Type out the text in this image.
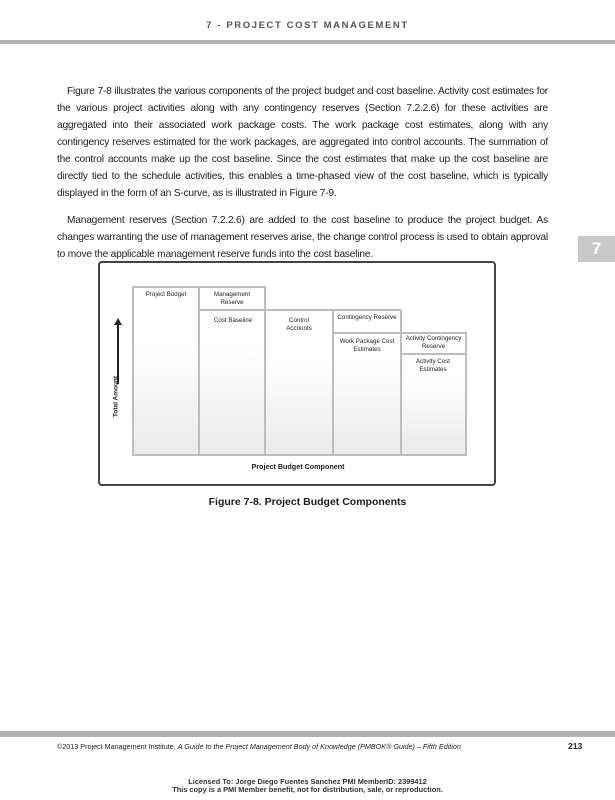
7 - PROJECT COST MANAGEMENT

Figure 7-8 illustrates the various components of the project budget and cost baseline. Activity cost estimates for the various project activities along with any contingency reserves (Section 7.2.2.6) for these activities are aggregated into their associated work package costs. The work package cost estimates, along with any contingency reserves estimated for the work packages, are aggregated into control accounts. The summation of the control accounts make up the cost baseline. Since the cost estimates that make up the cost baseline are directly tied to the schedule activities, this enables a time-phased view of the cost baseline, which is typically displayed in the form of an S-curve, as is illustrated in Figure 7-9.

Management reserves (Section 7.2.2.6) are added to the cost baseline to produce the project budget. As changes warranting the use of management reserves arise, the change control process is used to obtain approval to move the applicable management reserve funds into the cost baseline.	7
Project Budget	Management Reserve
Cost Baseline	Control Accounts
Contingency Reserve
Work Package Cost Estimates
Activity Contingency Reserve
Activity Cost Estimates
Total Amount
Project Budget Component
Figure 7-8. Project Budget Components
©2013 Project Management Institute. A Guide to the Project Management Body of Knowledge (PMBOK® Guide) – Fifth Edition	213
Licensed To: Jorge Diego Fuentes Sanchez PMI MemberID: 2399412
This copy is a PMI Member benefit, not for distribution, sale, or reproduction.
